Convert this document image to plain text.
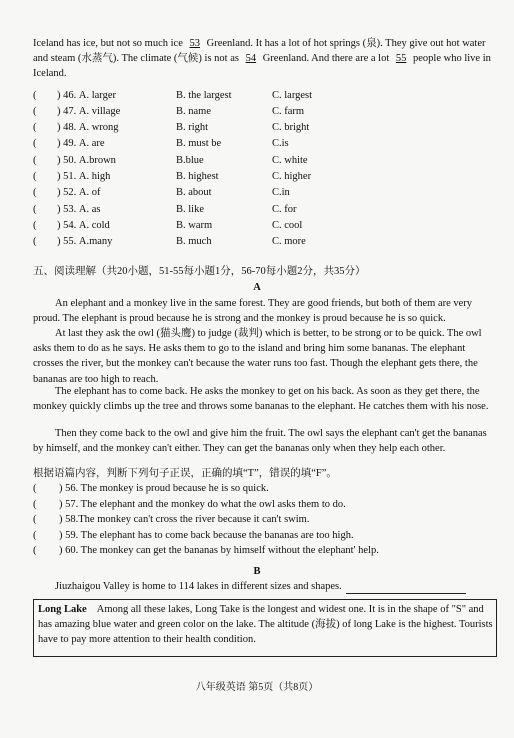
Iceland has ice, but not so much ice 53 Greenland. It has a lot of hot springs (泉). They give out hot water and steam (水蒸气). The climate (气候) is not as 54 Greenland. And there are a lot 55 people who live in Iceland.

(	) 46. A. larger	B. the largest	C. largest
(	) 47. A. village	B. name	C. farm
(	) 48. A. wrong	B. right	C. bright
(	) 49. A. are	B. must be	C.is
(	) 50. A.brown	B.blue	C. white
(	) 51. A. high	B. highest	C. higher
(	) 52. A. of	B. about	C.in
(	) 53. A. as	B. like	C. for
(	) 54. A. cold	B. warm	C. cool
(	) 55. A.many	B. much	C. more
五、阅读理解（共20小题，51-55每小题1分，56-70每小题2分，共35分）
A

An elephant and a monkey live in the same forest. They are good friends, but both of them are very proud. The elephant is proud because he is strong and the monkey is proud because he is so quick.

At last they ask the owl (猫头鹰) to judge (裁判) which is better, to be strong or to be quick. The owl asks them to do as he says. He asks them to go to the island and bring him some bananas. The elephant crosses the river, but the monkey can't because the water runs too fast. Though the elephant gets there, the bananas are too high to reach.

The elephant has to come back. He asks the monkey to get on his back. As soon as they get there, the monkey quickly climbs up the tree and throws some bananas to the elephant. He catches them with his nose.

Then they come back to the owl and give him the fruit. The owl says the elephant can't get the bananas by himself, and the monkey can't either. They can get the bananas only when they help each other.

根据语篇内容，判断下列句子正误，正确的填“T”，错误的填“F”。

(	) 56. The monkey is proud because he is so quick.
(	) 57. The elephant and the monkey do what the owl asks them to do.
(	) 58.The monkey can't cross the river because it can't swim.
(	) 59. The elephant has to come back because the bananas are too high.
(	) 60. The monkey can get the bananas by himself without the elephant' help.
B

Jiuzhaigou Valley is home to 114 lakes in different sizes and shapes.

Long Lake Among all these lakes, Long Take is the longest and widest one. It is in the shape of "S" and has amazing blue water and green color on the lake. The altitude (海拔) of long Lake is the highest. Tourists have to pay more attention to their health condition.
八年级英语 第5页（共8页）
